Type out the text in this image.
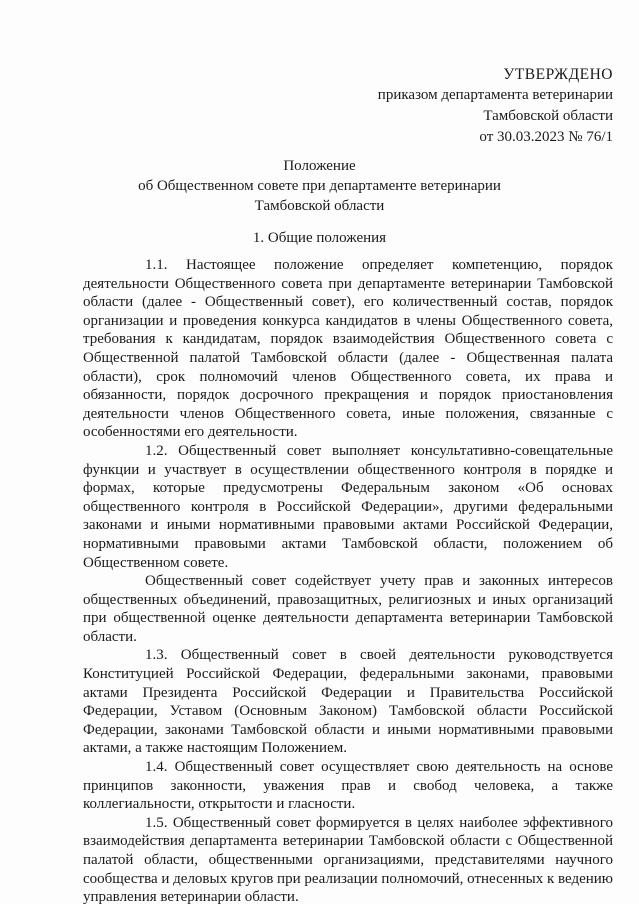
УТВЕРЖДЕНО
приказом департамента ветеринарии
Тамбовской области
от 30.03.2023 № 76/1
Положение
об Общественном совете при департаменте ветеринарии
Тамбовской области
1. Общие положения

1.1. Настоящее положение определяет компетенцию, порядок деятельности Общественного совета при департаменте ветеринарии Тамбовской области (далее - Общественный совет), его количественный состав, порядок организации и проведения конкурса кандидатов в члены Общественного совета, требования к кандидатам, порядок взаимодействия Общественного совета с Общественной палатой Тамбовской области (далее - Общественная палата области), срок полномочий членов Общественного совета, их права и обязанности, порядок досрочного прекращения и порядок приостановления деятельности членов Общественного совета, иные положения, связанные с особенностями его деятельности.

1.2. Общественный совет выполняет консультативно-совещательные функции и участвует в осуществлении общественного контроля в порядке и формах, которые предусмотрены Федеральным законом «Об основах общественного контроля в Российской Федерации», другими федеральными законами и иными нормативными правовыми актами Российской Федерации, нормативными правовыми актами Тамбовской области, положением об Общественном совете.

Общественный совет содействует учету прав и законных интересов общественных объединений, правозащитных, религиозных и иных организаций при общественной оценке деятельности департамента ветеринарии Тамбовской области.

1.3. Общественный совет в своей деятельности руководствуется Конституцией Российской Федерации, федеральными законами, правовыми актами Президента Российской Федерации и Правительства Российской Федерации, Уставом (Основным Законом) Тамбовской области Российской Федерации, законами Тамбовской области и иными нормативными правовыми актами, а также настоящим Положением.

1.4. Общественный совет осуществляет свою деятельность на основе принципов законности, уважения прав и свобод человека, а также коллегиальности, открытости и гласности.

1.5. Общественный совет формируется в целях наиболее эффективного взаимодействия департамента ветеринарии Тамбовской области с Общественной палатой области, общественными организациями, представителями научного сообщества и деловых кругов при реализации полномочий, отнесенных к ведению управления ветеринарии области.
